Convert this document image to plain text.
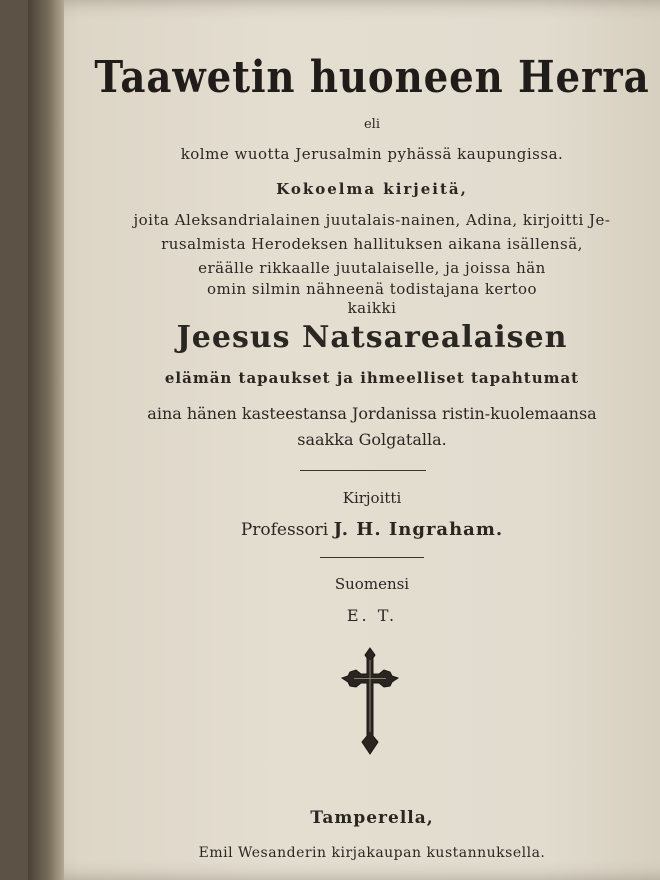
Taawetin huoneen Herra
eli
kolme wuotta Jerusalmin pyhässä kaupungissa.
Kokoelma kirjeitä,
joita Aleksandrialainen juutalais-nainen, Adina, kirjoitti Je-
rusalmista Herodeksen hallituksen aikana isällensä,
eräälle rikkaalle juutalaiselle, ja joissa hän
omin silmin nähneenä todistajana kertoo
kaikki
Jeesus Natsarealaisen
elämän tapaukset ja ihmeelliset tapahtumat
aina hänen kasteestansa Jordanissa ristin-kuolemaansa
saakka Golgatalla.
Kirjoitti
Professori J. H. Ingraham.
Suomensi
E. T.
Tamperella,
Emil Wesanderin kirjakaupan kustannuksella.
